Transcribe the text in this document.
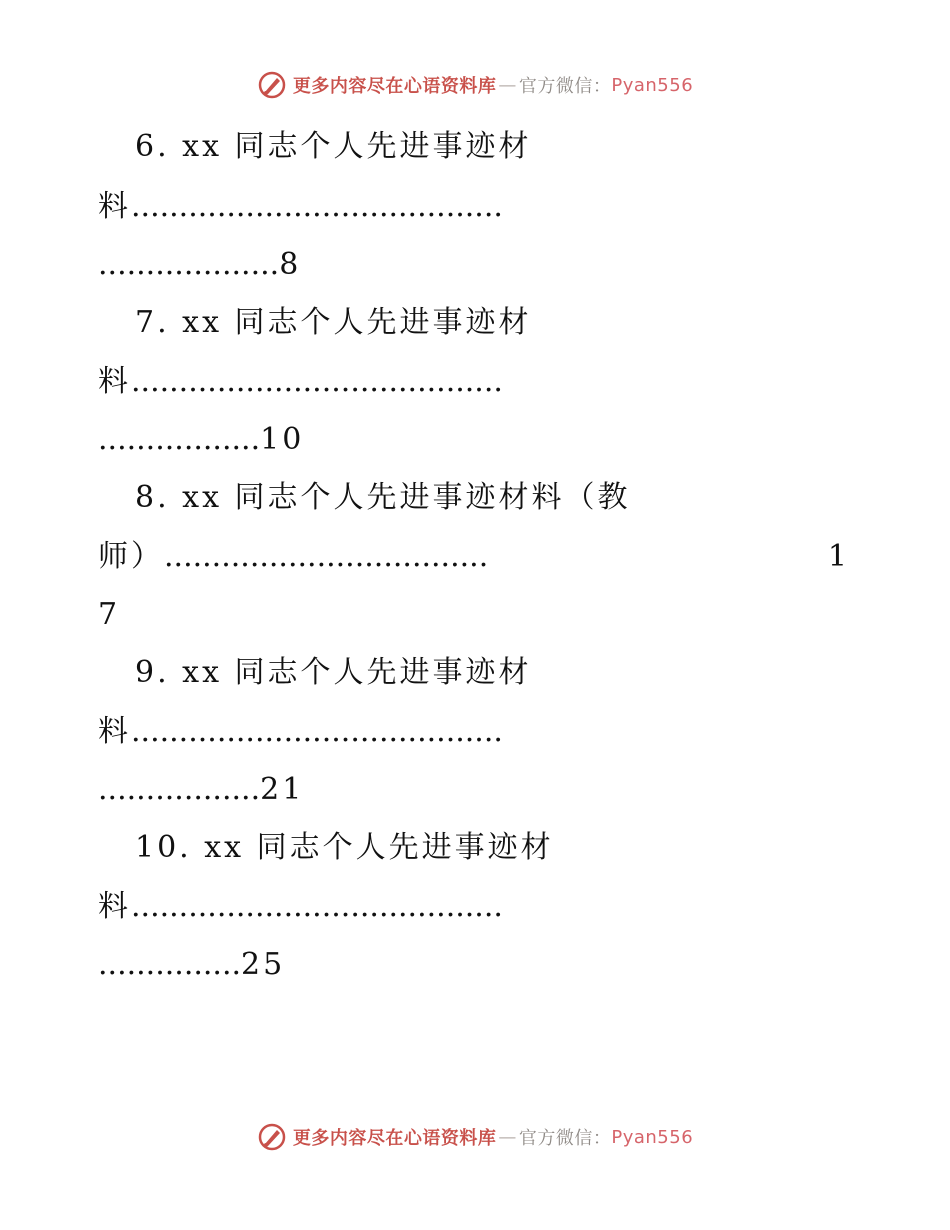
更多内容尽在心语资料库 — 官方微信： Pyan556
6. xx 同志个人先进事迹材
料.......................................
...................8
7. xx 同志个人先进事迹材
料.......................................
.................10
8. xx 同志个人先进事迹材料（教
师）..................................	1
7
9. xx 同志个人先进事迹材
料.......................................
.................21
10. xx 同志个人先进事迹材
料.......................................
...............25
更多内容尽在心语资料库 — 官方微信： Pyan556
